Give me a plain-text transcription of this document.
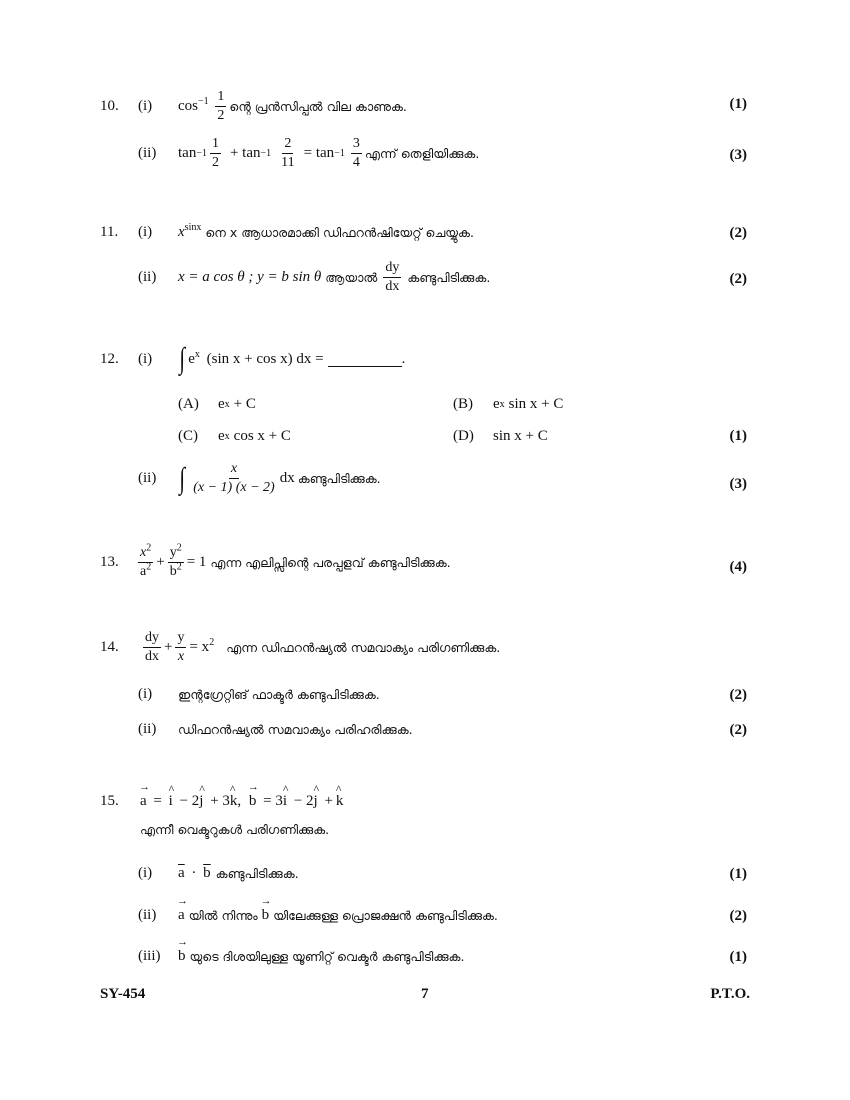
10.	(i)	$\cos^{-1} \frac{1}{2}$ ന്റെ പ്രൻസിപ്പൽ വില കാണുക.	(1)
(ii)	$\tan -1 \frac{1}{2} + \tan -1 \frac{2}{11} = \tan -1 \frac{3}{4}$ എന്ന് തെളിയിക്കുക.	(3)
11.	(i)	$x^{sinx}$ നെ x ആധാരമാക്കി ഡിഫറൻഷിയേറ്റ് ചെയ്യുക.	(2)
(ii)	x = a cos θ ; y = b sin θ ആയാൽ $\frac{dy}{dx}$ കണ്ടുപിടിക്കുക.	(2)
12.	(i) ∫ $e^x$ (sin x + cos x) dx =	.
(A)	e x + C	(B)	e x sin x + C
(C)	e x cos x + C	(D)	sin x + C	(1)
(ii) ∫ $\frac{x}{(x - 1) (x - 2)}$ dx കണ്ടുപിടിക്കുക.	(3)
13.	$\frac{x^2}{a^2} + \frac{y^2}{b^2} = 1$ എന്ന എലിപ്സിന്റെ പരപ്പളവ് കണ്ടുപിടിക്കുക.	(4)
14.	$\frac{dy}{dx} + \frac{y}{x} = x^2$ എന്ന ഡിഫറൻഷ്യൽ സമവാക്യം പരിഗണിക്കുക.
(i)	ഇന്റഗ്രേറ്റിങ് ഫാക്ടർ കണ്ടുപിടിക്കുക.	(2)
(ii)	ഡിഫറൻഷ്യൽ സമവാക്യം പരിഹരിക്കുക.	(2)
15.	→ a = ^ i − 2^ j + 3^ k, → b = 3^ i − 2^ j + ^ k
എന്നീ വെക്ടറുകൾ പരിഗണിക്കുക.
(i)	$\overline{a} \cdot \overline{b}$ കണ്ടുപിടിക്കുക.	(1)
(ii)	→ a യിൽ നിന്നും → b യിലേക്കുള്ള പ്രൊജക്ഷൻ കണ്ടുപിടിക്കുക.	(2)
(iii)	→ b യുടെ ദിശയിലുള്ള യൂണിറ്റ് വെക്ടർ കണ്ടുപിടിക്കുക.	(1)
SY-454	7	P.T.O.
